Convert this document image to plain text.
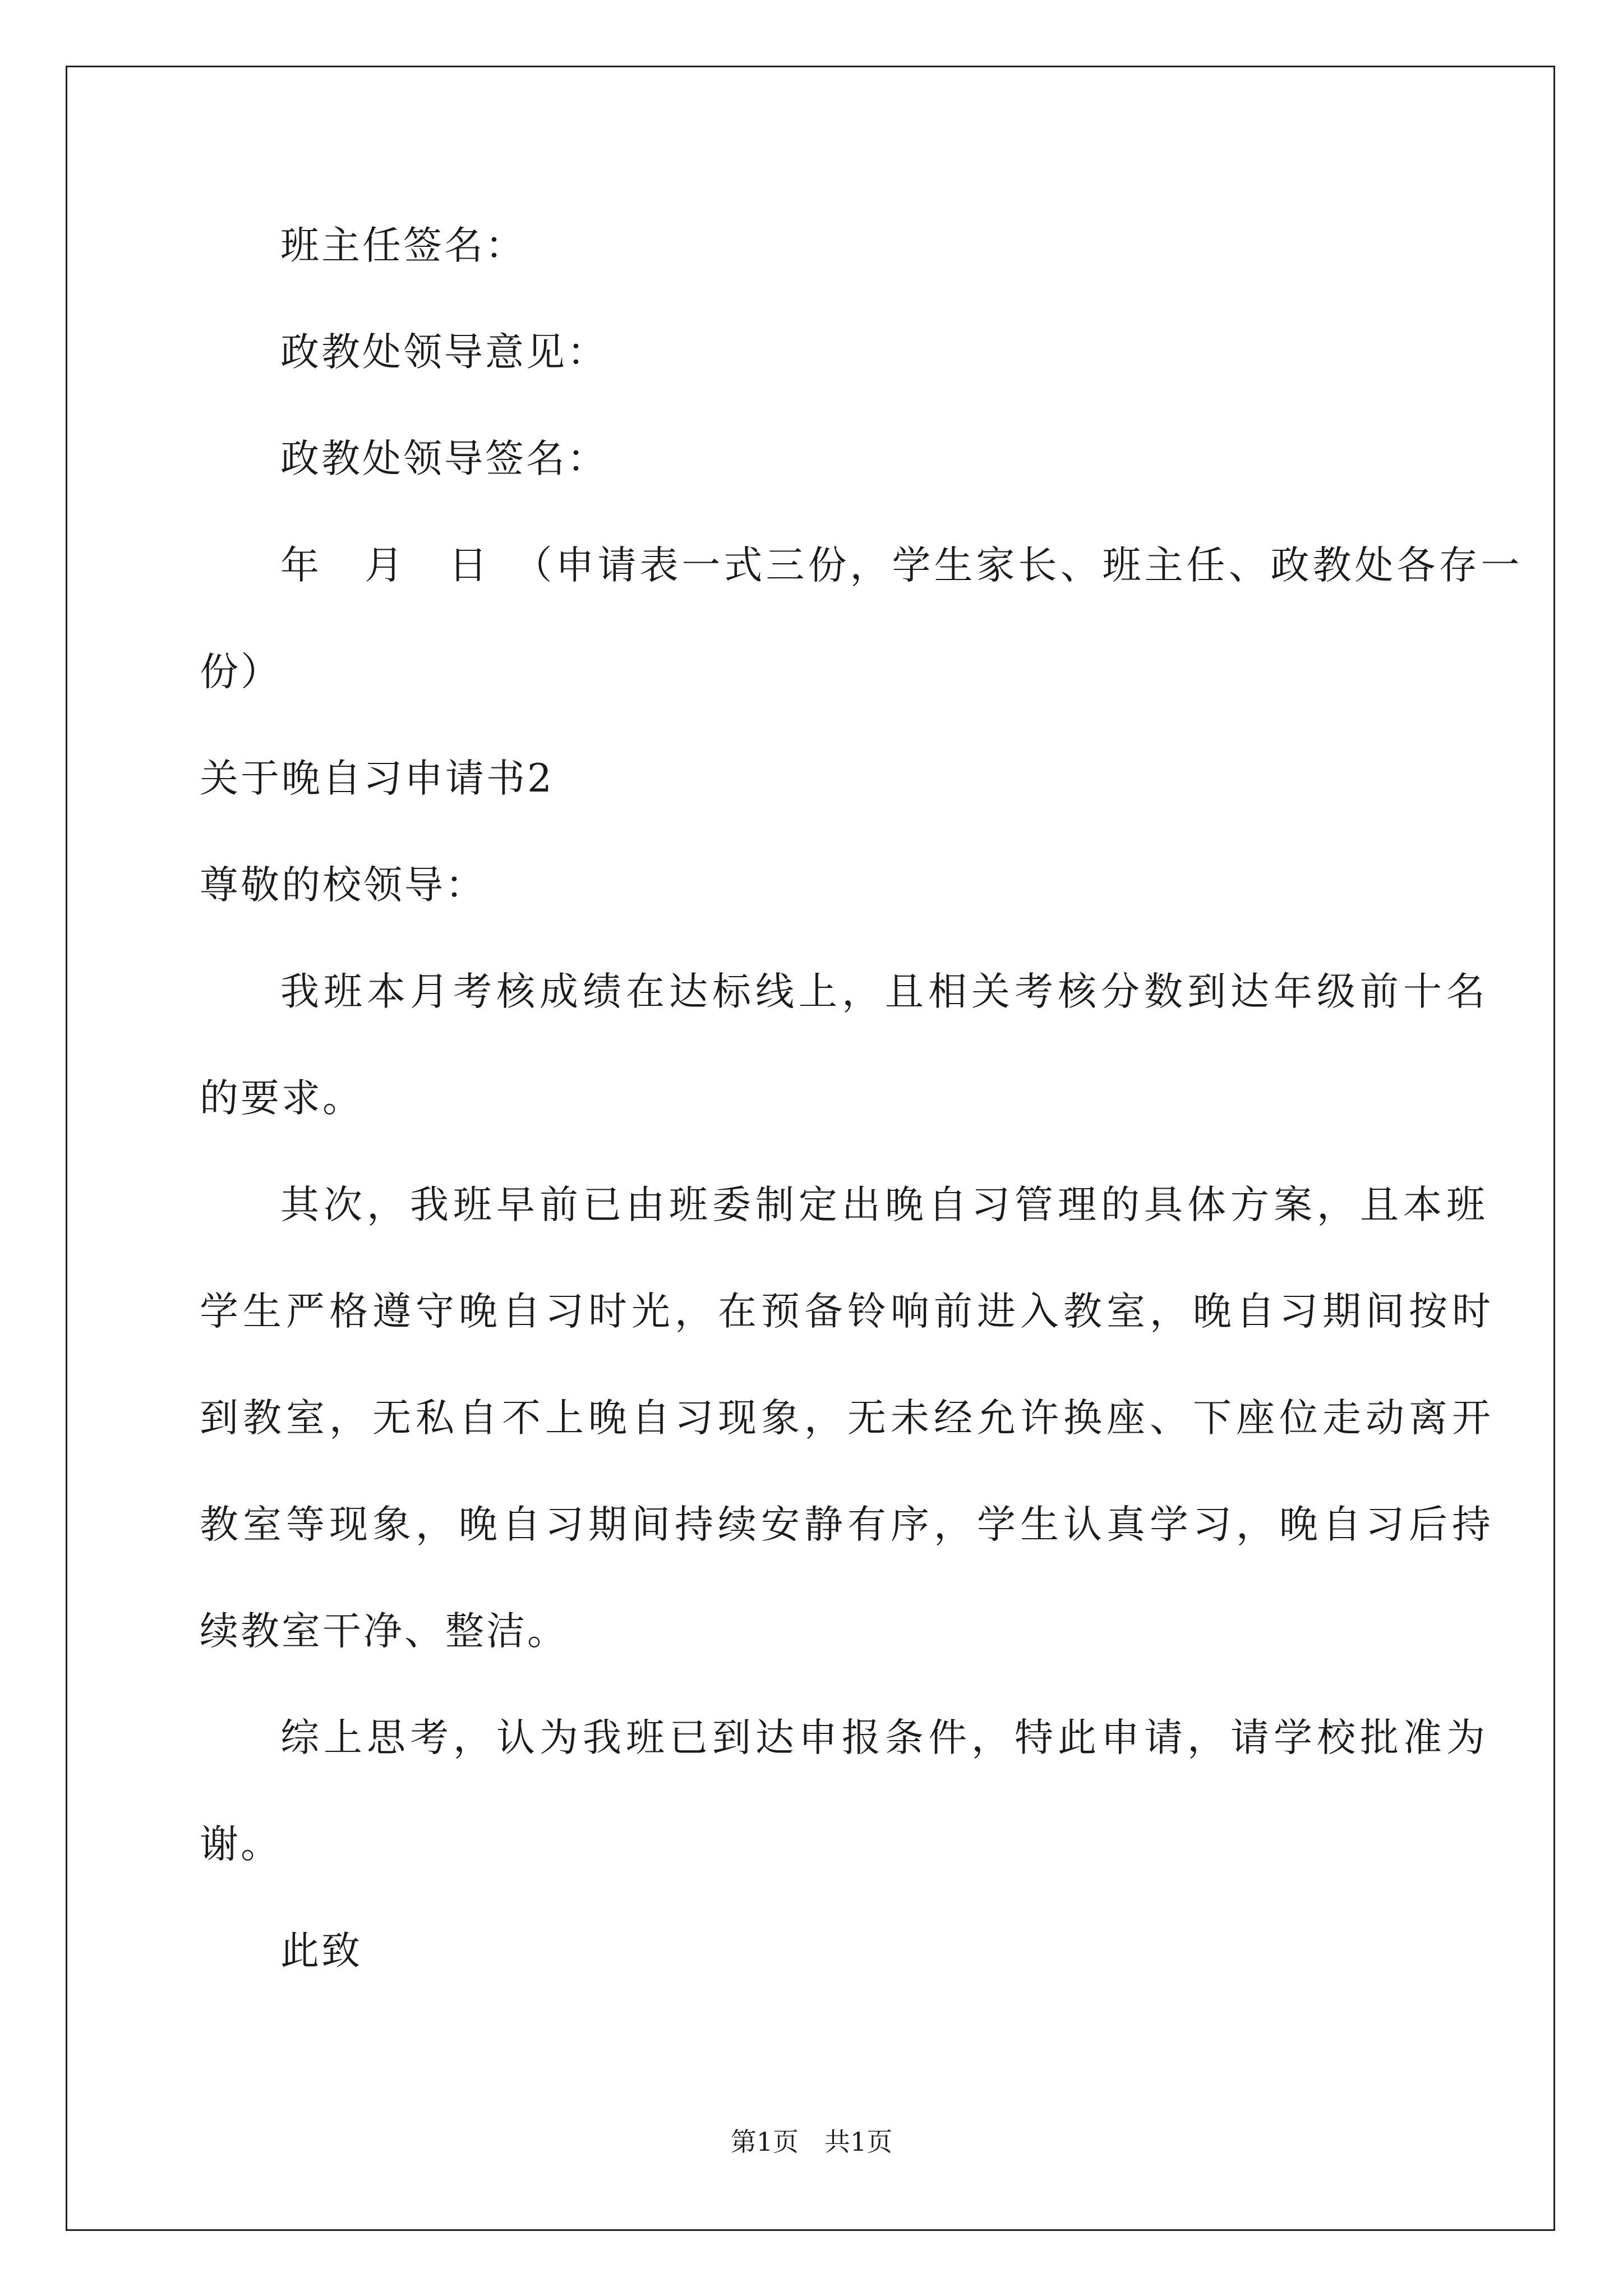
班主任签名：
政教处领导意见：
政教处领导签名：
年　月　日　（申请表一式三份，学生家长、班主任、政教处各存一
份）
关于晚自习申请书2
尊敬的校领导：
我班本月考核成绩在达标线上，且相关考核分数到达年级前十名
的要求。
其次，我班早前已由班委制定出晚自习管理的具体方案，且本班
学生严格遵守晚自习时光，在预备铃响前进入教室，晚自习期间按时
到教室，无私自不上晚自习现象，无未经允许换座、下座位走动离开
教室等现象，晚自习期间持续安静有序，学生认真学习，晚自习后持
续教室干净、整洁。
综上思考，认为我班已到达申报条件，特此申请，请学校批准为
谢。
此致
第1页　共1页
